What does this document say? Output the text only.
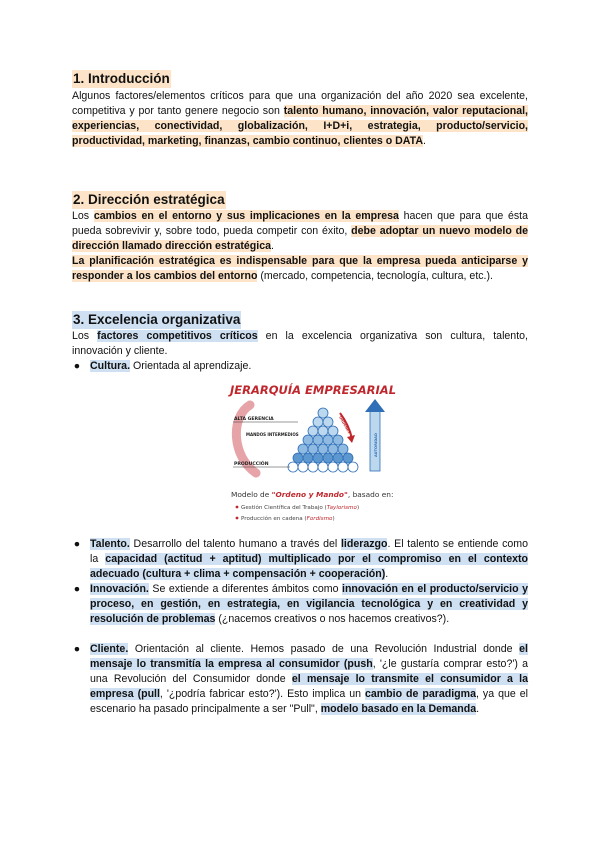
1. Introducción
Algunos factores/elementos críticos para que una organización del año 2020 sea excelente, competitiva y por tanto genere negocio son talento humano, innovación, valor reputacional, experiencias, conectividad, globalización, I+D+i, estrategia, producto/servicio, productividad, marketing, finanzas, cambio continuo, clientes o DATA.
2. Dirección estratégica
Los cambios en el entorno y sus implicaciones en la empresa hacen que para que ésta pueda sobrevivir y, sobre todo, pueda competir con éxito, debe adoptar un nuevo modelo de dirección llamado dirección estratégica.
La planificación estratégica es indispensable para que la empresa pueda anticiparse y responder a los cambios del entorno (mercado, competencia, tecnología, cultura, etc.).
3. Excelencia organizativa
Los factores competitivos críticos en la excelencia organizativa son cultura, talento, innovación y cliente.
● Cultura. Orientada al aprendizaje.
JERARQUÍA EMPRESARIAL
ALTA GERENCIA
MANDOS INTERMEDIOS
PRODUCCIÓN
ÓRDENES
AUTORIDAD
Modelo de "Ordeno y Mando", basado en:
Gestión Científica del Trabajo (Taylorismo)
Producción en cadena (Fordismo)
● Talento. Desarrollo del talento humano a través del liderazgo. El talento se entiende como la capacidad (actitud + aptitud) multiplicado por el compromiso en el contexto adecuado (cultura + clima + compensación + cooperación).
● Innovación. Se extiende a diferentes ámbitos como innovación en el producto/servicio y proceso, en gestión, en estrategia, en vigilancia tecnológica y en creatividad y resolución de problemas (¿nacemos creativos o nos hacemos creativos?).
● Cliente. Orientación al cliente. Hemos pasado de una Revolución Industrial donde el mensaje lo transmitía la empresa al consumidor (push, '¿le gustaría comprar esto?') a una Revolución del Consumidor donde el mensaje lo transmite el consumidor a la empresa (pull, '¿podría fabricar esto?'). Esto implica un cambio de paradigma, ya que el escenario ha pasado principalmente a ser "Pull", modelo basado en la Demanda.
